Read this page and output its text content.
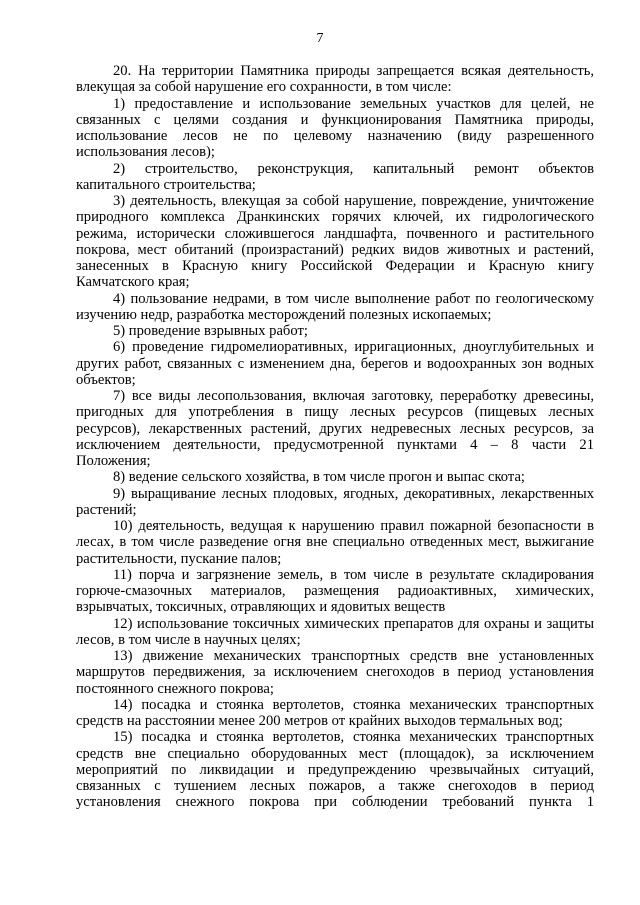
7

20. На территории Памятника природы запрещается всякая деятельность, влекущая за собой нарушение его сохранности, в том числе:

1) предоставление и использование земельных участков для целей, не связанных с целями создания и функционирования Памятника природы, использование лесов не по целевому назначению (виду разрешенного использования лесов);

2) строительство, реконструкция, капитальный ремонт объектов капитального строительства;

3) деятельность, влекущая за собой нарушение, повреждение, уничтожение природного комплекса Дранкинских горячих ключей, их гидрологического режима, исторически сложившегося ландшафта, почвенного и растительного покрова, мест обитаний (произрастаний) редких видов животных и растений, занесенных в Красную книгу Российской Федерации и Красную книгу Камчатского края;

4) пользование недрами, в том числе выполнение работ по геологическому изучению недр, разработка месторождений полезных ископаемых;

5) проведение взрывных работ;

6) проведение гидромелиоративных, ирригационных, дноуглубительных и других работ, связанных с изменением дна, берегов и водоохранных зон водных объектов;

7) все виды лесопользования, включая заготовку, переработку древесины, пригодных для употребления в пищу лесных ресурсов (пищевых лесных ресурсов), лекарственных растений, других недревесных лесных ресурсов, за исключением деятельности, предусмотренной пунктами 4 – 8 части 21 Положения;

8) ведение сельского хозяйства, в том числе прогон и выпас скота;

9) выращивание лесных плодовых, ягодных, декоративных, лекарственных растений;

10) деятельность, ведущая к нарушению правил пожарной безопасности в лесах, в том числе разведение огня вне специально отведенных мест, выжигание растительности, пускание палов;

11) порча и загрязнение земель, в том числе в результате складирования горюче-смазочных материалов, размещения радиоактивных, химических, взрывчатых, токсичных, отравляющих и ядовитых веществ

12) использование токсичных химических препаратов для охраны и защиты лесов, в том числе в научных целях;

13) движение механических транспортных средств вне установленных маршрутов передвижения, за исключением снегоходов в период установления постоянного снежного покрова;

14) посадка и стоянка вертолетов, стоянка механических транспортных средств на расстоянии менее 200 метров от крайних выходов термальных вод;

15) посадка и стоянка вертолетов, стоянка механических транспортных средств вне специально оборудованных мест (площадок), за исключением мероприятий по ликвидации и предупреждению чрезвычайных ситуаций, связанных с тушением лесных пожаров, а также снегоходов в период установления снежного покрова при соблюдении требований пункта 1
